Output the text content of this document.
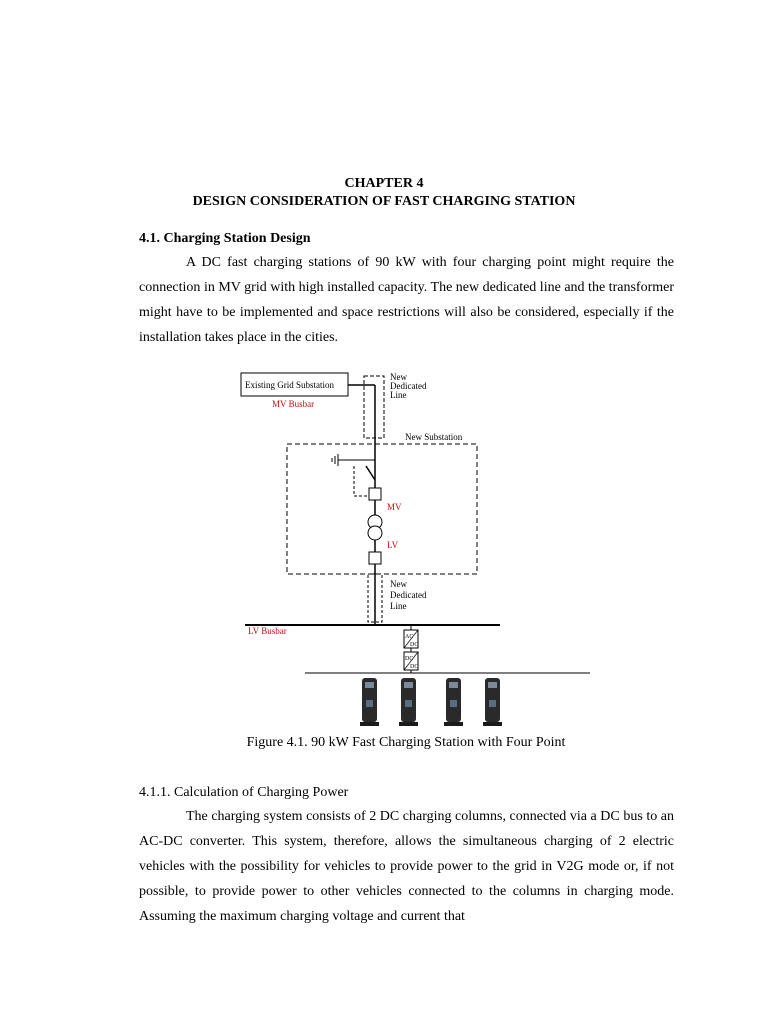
CHAPTER 4
DESIGN CONSIDERATION OF FAST CHARGING STATION
4.1. Charging Station Design

A DC fast charging stations of 90 kW with four charging point might require the connection in MV grid with high installed capacity. The new dedicated line and the transformer might have to be implemented and space restrictions will also be considered, especially if the installation takes place in the cities.

Existing Grid Substation
MV Busbar
New
Dedicated
Line
New Substation
MV
LV
New
Dedicated
Line
LV Busbar
AC
DC
DC
DC
Figure 4.1. 90 kW Fast Charging Station with Four Point
4.1.1. Calculation of Charging Power

The charging system consists of 2 DC charging columns, connected via a DC bus to an AC-DC converter. This system, therefore, allows the simultaneous charging of 2 electric vehicles with the possibility for vehicles to provide power to the grid in V2G mode or, if not possible, to provide power to other vehicles connected to the columns in charging mode. Assuming the maximum charging voltage and current that
